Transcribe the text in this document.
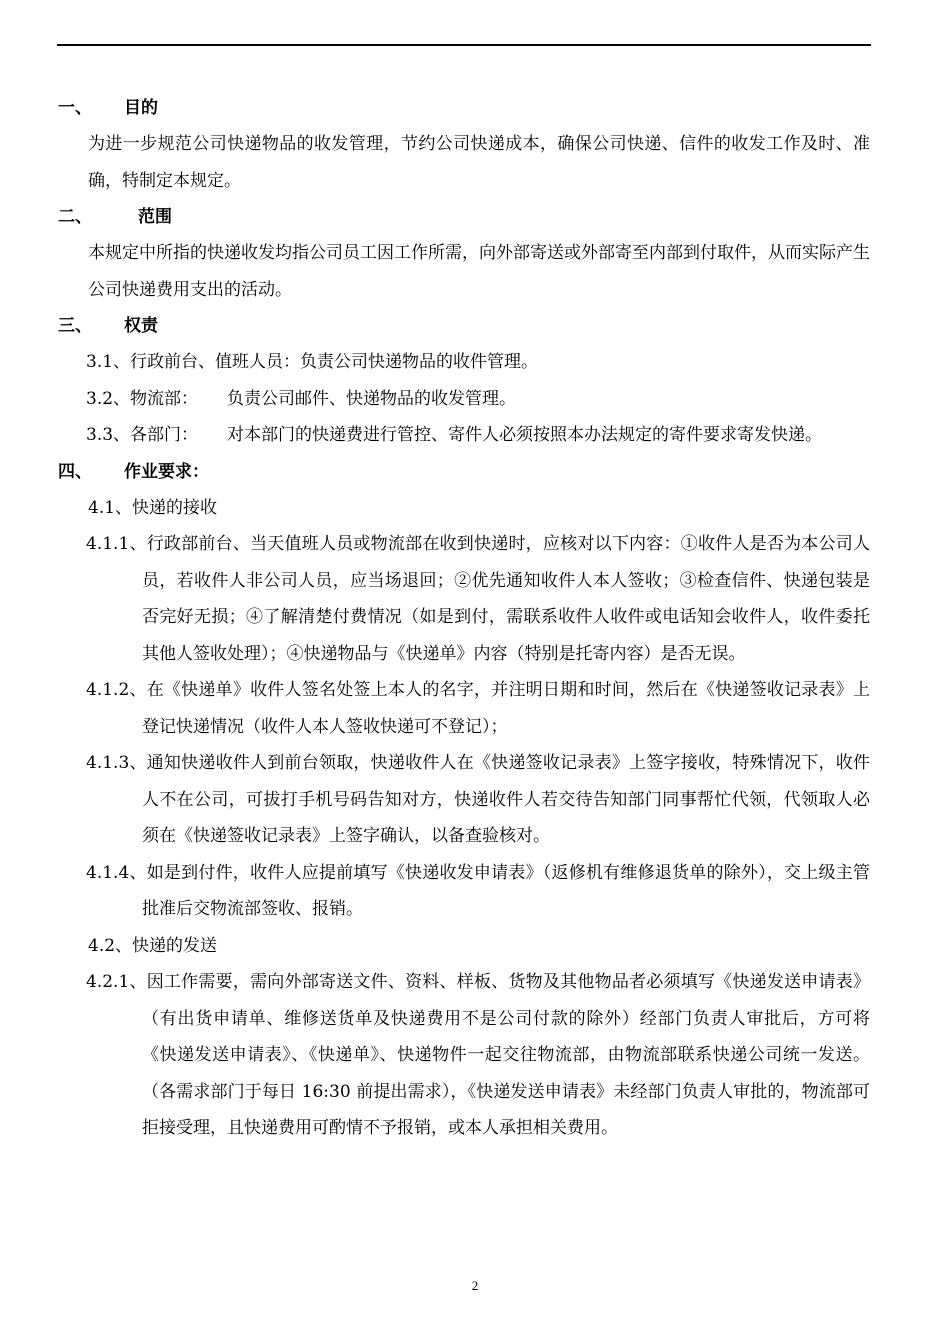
一、 目的

为进一步规范公司快递物品的收发管理，节约公司快递成本，确保公司快递、信件的收发工作及时、准确，特制定本规定。

二、	范围

本规定中所指的快递收发均指公司员工因工作所需，向外部寄送或外部寄至内部到付取件，从而实际产生公司快递费用支出的活动。

三、 权责

3.1、行政前台、值班人员：负责公司快递物品的收件管理。

3.2、物流部： 负责公司邮件、快递物品的收发管理。

3.3、各部门： 对本部门的快递费进行管控、寄件人必须按照本办法规定的寄件要求寄发快递。

四、 作业要求：

4.1、快递的接收

4.1.1、行政部前台、当天值班人员或物流部在收到快递时，应核对以下内容：①收件人是否为本公司人员，若收件人非公司人员，应当场退回；②优先通知收件人本人签收；③检查信件、快递包装是否完好无损；④了解清楚付费情况（如是到付，需联系收件人收件或电话知会收件人，收件委托其他人签收处理）；④快递物品与《快递单》内容（特别是托寄内容）是否无误。

4.1.2、在《快递单》收件人签名处签上本人的名字，并注明日期和时间，然后在《快递签收记录表》上登记快递情况（收件人本人签收快递可不登记）；

4.1.3、通知快递收件人到前台领取，快递收件人在《快递签收记录表》上签字接收，特殊情况下，收件人不在公司，可拔打手机号码告知对方，快递收件人若交待告知部门同事帮忙代领，代领取人必须在《快递签收记录表》上签字确认，以备查验核对。

4.1.4、如是到付件，收件人应提前填写《快递收发申请表》（返修机有维修退货单的除外），交上级主管批准后交物流部签收、报销。

4.2、快递的发送

4.2.1、因工作需要，需向外部寄送文件、资料、样板、货物及其他物品者必须填写《快递发送申请表》（有出货申请单、维修送货单及快递费用不是公司付款的除外）经部门负责人审批后，方可将《快递发送申请表》、《快递单》、快递物件一起交往物流部，由物流部联系快递公司统一发送。（各需求部门于每日 16:30 前提出需求），《快递发送申请表》未经部门负责人审批的，物流部可拒接受理，且快递费用可酌情不予报销，或本人承担相关费用。

2
